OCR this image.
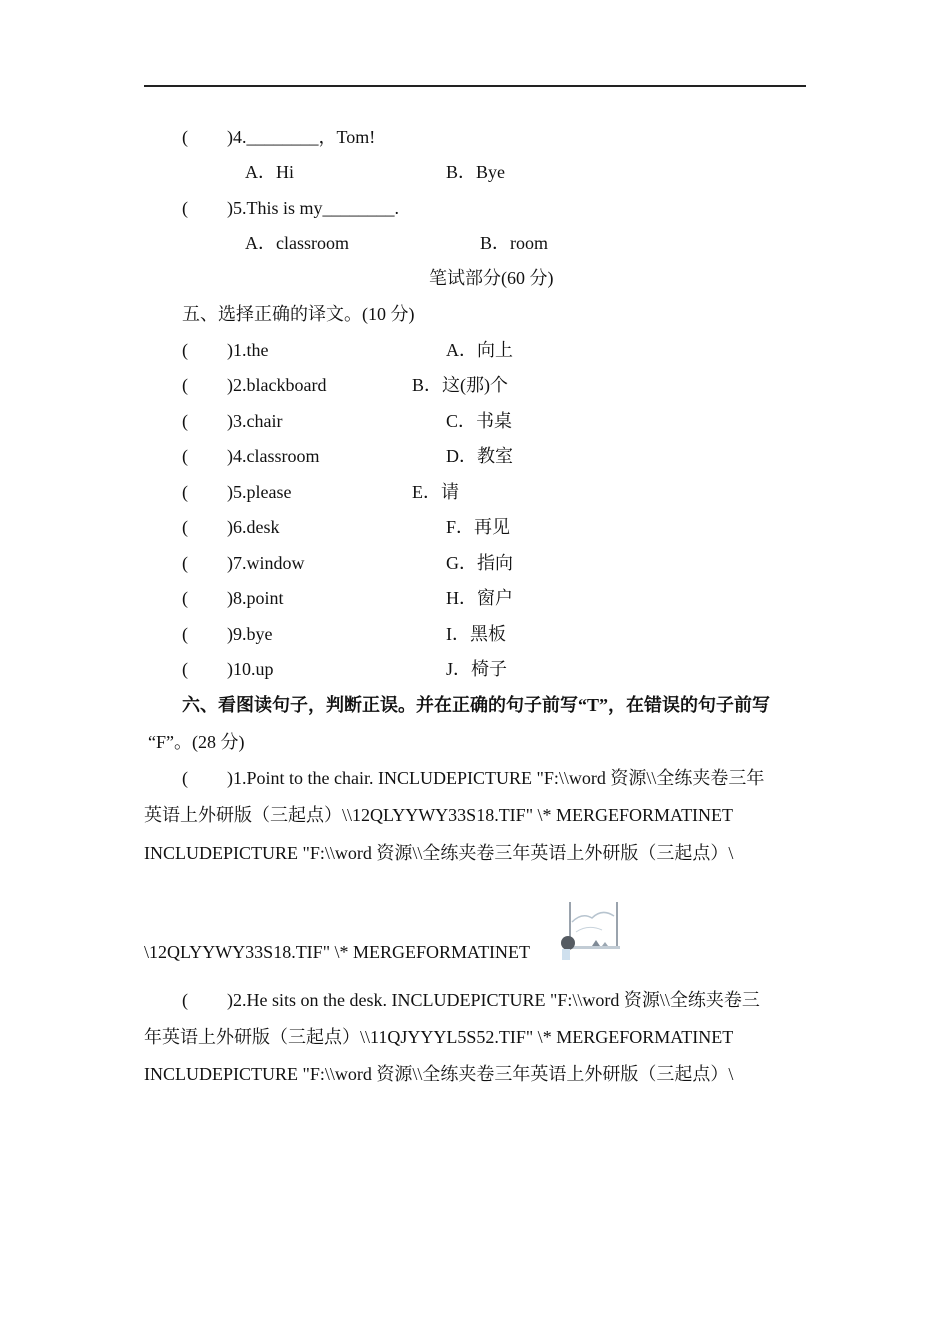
( )4.________，Tom!
A．Hi	B．Bye
( )5.This is my________.
A．classroom	B．room
笔试部分(60 分)
五、选择正确的译文。(10 分)
( )1.the	A．向上
( )2.blackboard	B．这(那)个
( )3.chair	C．书桌
( )4.classroom	D．教室
( )5.please	E．请
( )6.desk	F．再见
( )7.window	G．指向
( )8.point	H．窗户
( )9.bye	I．黑板
( )10.up	J．椅子
六、看图读句子，判断正误。并在正确的句子前写“T”，在错误的句子前写
“F”。(28 分)
( )1.Point to the chair. INCLUDEPICTURE "F:\\word 资源\\全练夹卷三年
英语上外研版（三起点）\\12QLYYWY33S18.TIF" \* MERGEFORMATINET
INCLUDEPICTURE "F:\\word 资源\\全练夹卷三年英语上外研版（三起点）\
\12QLYYWY33S18.TIF" \* MERGEFORMATINET
( )2.He sits on the desk. INCLUDEPICTURE "F:\\word 资源\\全练夹卷三
年英语上外研版（三起点）\\11QJYYYL5S52.TIF" \* MERGEFORMATINET
INCLUDEPICTURE "F:\\word 资源\\全练夹卷三年英语上外研版（三起点）\
